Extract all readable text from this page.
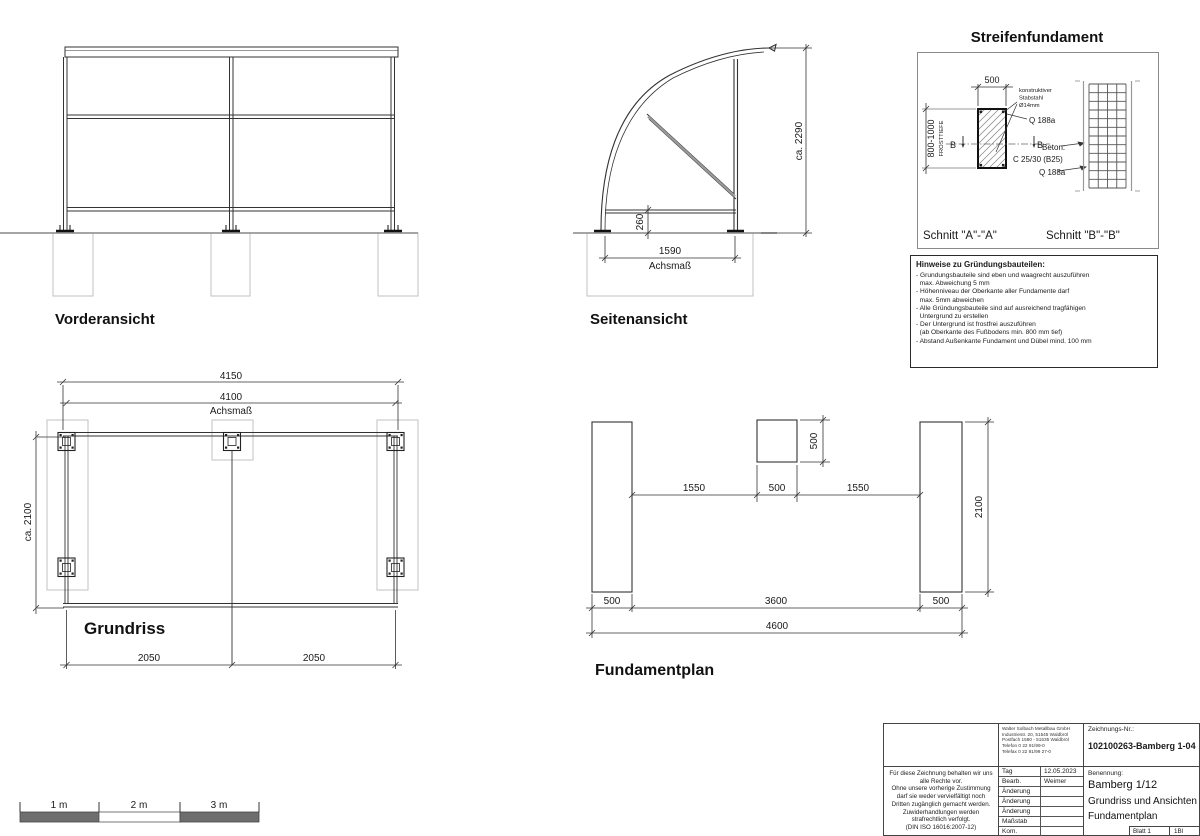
Vorderansicht
260
1590
Achsmaß
ca. 2290
Seitenansicht
Streifenfundament
500
800-1000 FROSTTIEFE B	B
konstruktiver
Stabstahl
Ø14mm
Q 188a
Beton:
C 25/30 (B25)
Q 188a
Schnitt "A"-"A"	Schnitt "B"-"B"
Hinweise zu Gründungsbauteilen:
- Grundungsbauteile sind eben und waagrecht auszuführen
max. Abweichung 5 mm
- Höhenniveau der Oberkante aller Fundamente darf
max. 5mm abweichen
- Alle Gründungsbauteile sind auf ausreichend tragfähigen
Untergrund zu erstellen
- Der Untergrund ist frostfrei auszuführen
(ab Oberkante des Fußbodens min. 800 mm tief)
- Abstand Außenkante Fundament und Dübel mind. 100 mm
4150
4100
Achsmaß
ca. 2100
2050	2050
Grundriss
1550	500	1550
500
500	3600	500
4600
2100
Fundamentplan
1 m	2 m	3 m
Für diese Zeichnung behalten wir uns
alle Rechte vor.
Ohne unsere vorherige Zustimmung
darf sie weder vervielfältigt noch
Dritten zugänglich gemacht werden.
Zuwiderhandlungen werden
strafrechtlich verfolgt.
(DIN ISO 16016:2007-12)
Walter Solbach Metallbau GmbH
Industriestr. 20, 51545 Waldbröl
Postfach 1580 - 51535 Waldbröl
Telefon 0 22 91/99-0
Telefax 0 22 91/99 27-0
Tag	12.05.2023
Bearb.	Weimer
Änderung
Änderung
Änderung
Maßstab
Kom.
Zeichnungs-Nr.:
102100263-Bamberg 1-04
Benennung:
Bamberg 1/12
Grundriss und Ansichten
Fundamentplan
Blatt 1	1Bl
